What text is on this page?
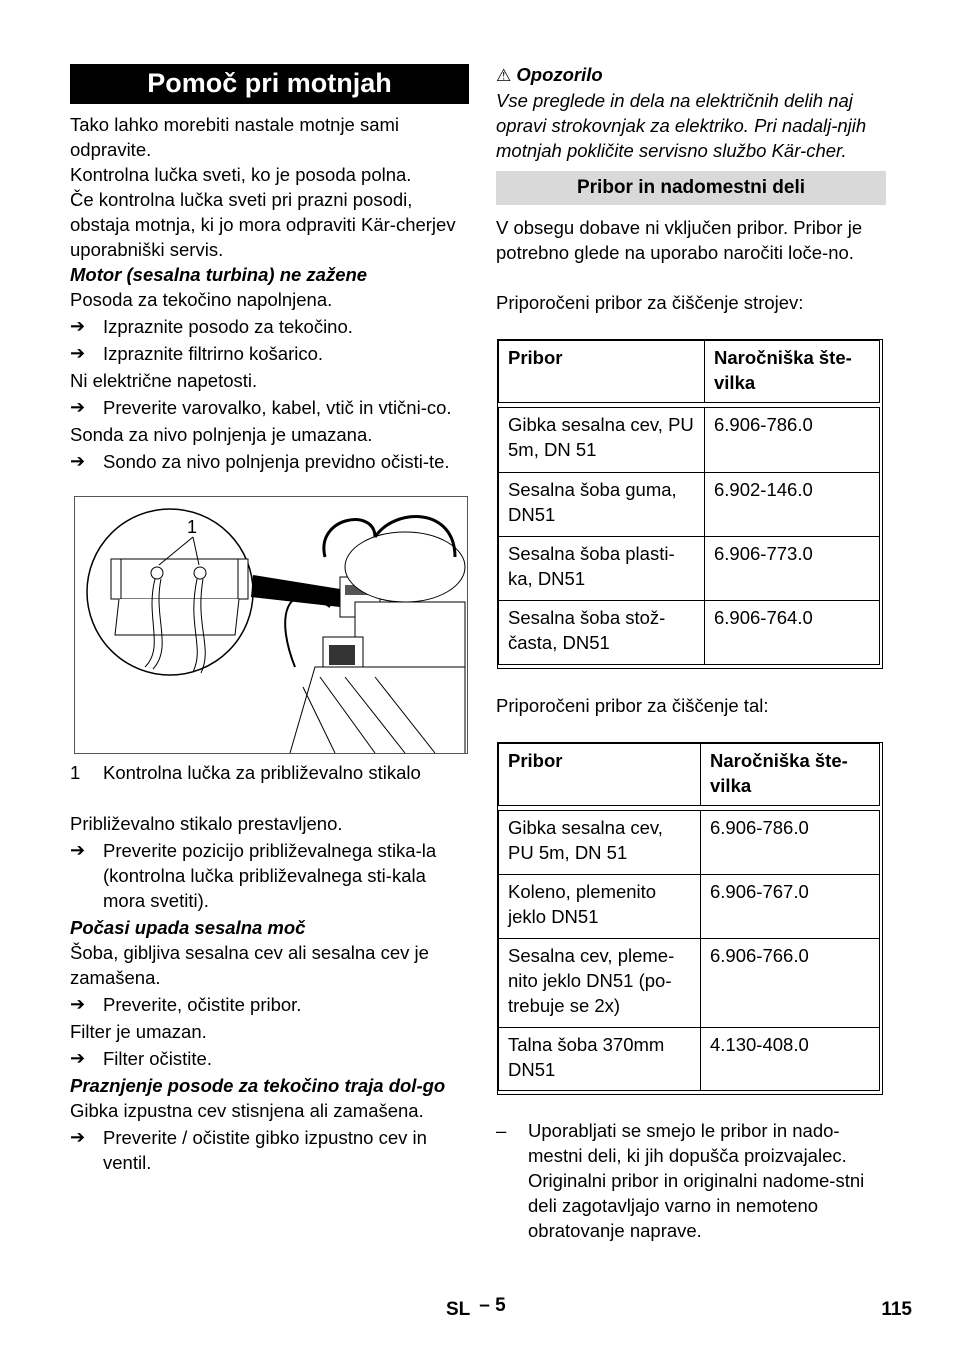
Pomoč pri motnjah

Tako lahko morebiti nastale motnje sami odpravite.

Kontrolna lučka sveti, ko je posoda polna.

Če kontrolna lučka sveti pri prazni posodi, obstaja motnja, ki jo mora odpraviti Kär-cherjev uporabniški servis.

Motor (sesalna turbina) ne zažene

Posoda za tekočino napolnjena.

➔ Izpraznite posodo za tekočino.
➔ Izpraznite filtrirno košarico.

Ni električne napetosti.

➔ Preverite varovalko, kabel, vtič in vtični-co.

Sonda za nivo polnjenja je umazana.

➔ Sondo za nivo polnjenja previdno očisti-te.
1
1 Kontrolna lučka za približevalno stikalo

Približevalno stikalo prestavljeno.

➔ Preverite pozicijo približevalnega stika-la (kontrolna lučka približevalnega sti-kala mora svetiti).

Počasi upada sesalna moč

Šoba, gibljiva sesalna cev ali sesalna cev je zamašena.

➔ Preverite, očistite pribor.

Filter je umazan.

➔ Filter očistite.

Praznjenje posode za tekočino traja dol-go

Gibka izpustna cev stisnjena ali zamašena.

➔ Preverite / očistite gibko izpustno cev in ventil.

⚠ Opozorilo

Vse preglede in dela na električnih delih naj opravi strokovnjak za elektriko. Pri nadalj-njih motnjah pokličite servisno službo Kär-cher.

Pribor in nadomestni deli

V obsegu dobave ni vključen pribor. Pribor je potrebno glede na uporabo naročiti loče-no.

Priporočeni pribor za čiščenje strojev:

Pribor	Naročniška šte-vilka
Gibka sesalna cev, PU 5m, DN 51	6.906-786.0
Sesalna šoba guma, DN51	6.902-146.0
Sesalna šoba plasti-ka, DN51	6.906-773.0
Sesalna šoba stož-časta, DN51	6.906-764.0

Priporočeni pribor za čiščenje tal:

Pribor	Naročniška šte-vilka
Gibka sesalna cev, PU 5m, DN 51	6.906-786.0
Koleno, plemenito jeklo DN51	6.906-767.0
Sesalna cev, pleme-nito jeklo DN51 (po-trebuje se 2x)	6.906-766.0
Talna šoba 370mm DN51	4.130-408.0
– Uporabljati se smejo le pribor in nado-mestni deli, ki jih dopušča proizvajalec. Originalni pribor in originalni nadome-stni deli zagotavljajo varno in nemoteno obratovanje naprave.
SL – 5	115
